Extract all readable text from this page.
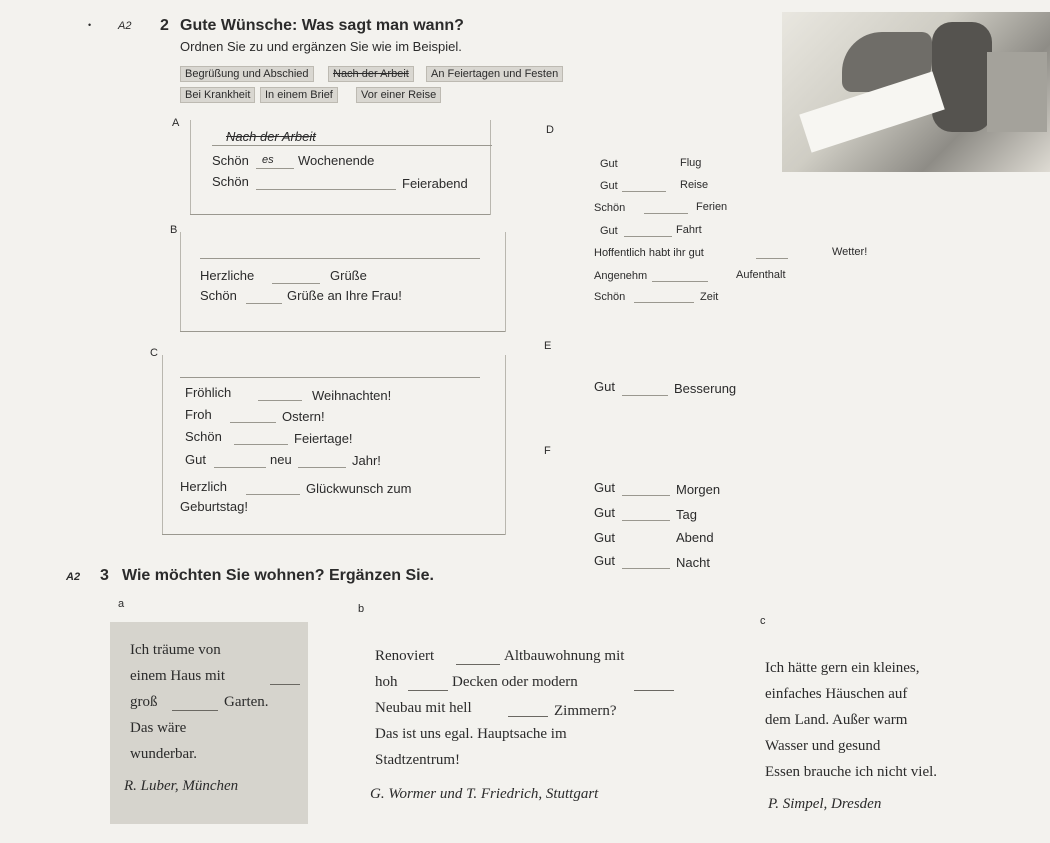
• A2 2 Gute Wünsche: Was sagt man wann?
Ordnen Sie zu und ergänzen Sie wie im Beispiel.
Begrüßung und Abschied	Nach der Arbeit	An Feiertagen und Festen
Bei Krankheit	In einem Brief	Vor einer Reise
A
Nach der Arbeit
Schön es Wochenende
Schön	Feierabend
B
Herzliche	Grüße
Schön	Grüße an Ihre Frau!
C
Fröhlich	Weihnachten!
Froh	Ostern!
Schön	Feiertage!
Gut	neu	Jahr!
Herzlich	Glückwunsch zum
Geburtstag!
D
Gut	Flug
Gut	Reise
Schön	Ferien
Gut	Fahrt
Hoffentlich habt ihr gut	Wetter!
Angenehm	Aufenthalt
Schön	Zeit
E
Gut	Besserung
F
Gut	Morgen
Gut	Tag
Gut	Abend
Gut	Nacht
A2 3 Wie möchten Sie wohnen? Ergänzen Sie.
a
Ich träume von
einem Haus mit
groß	Garten.
Das wäre
wunderbar.
R. Luber, München
b
Renoviert	Altbauwohnung mit
hoh	Decken oder modern
Neubau mit hell	Zimmern?
Das ist uns egal. Hauptsache im
Stadtzentrum!
G. Wormer und T. Friedrich, Stuttgart
c
Ich hätte gern ein kleines,
einfaches Häuschen auf
dem Land. Außer warm
Wasser und gesund
Essen brauche ich nicht viel.
P. Simpel, Dresden
